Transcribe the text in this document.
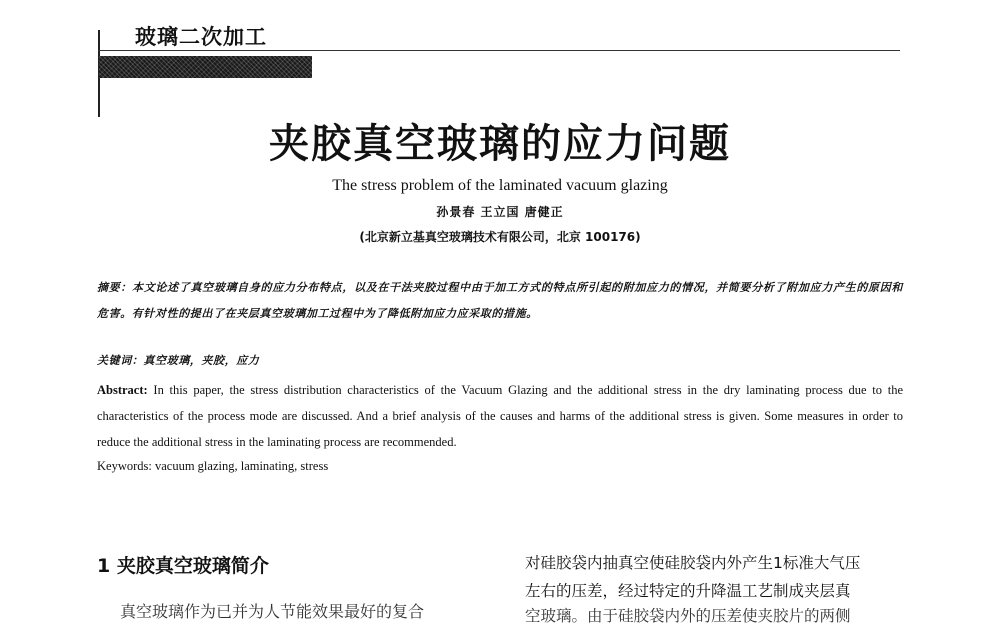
玻璃二次加工
夹胶真空玻璃的应力问题
The stress problem of the laminated vacuum glazing
孙景春 王立国 唐健正
(北京新立基真空玻璃技术有限公司，北京 100176)
摘要：本文论述了真空玻璃自身的应力分布特点，以及在干法夹胶过程中由于加工方式的特点所引起的附加应力的情况，并简要分析了附加应力产生的原因和危害。有针对性的提出了在夹层真空玻璃加工过程中为了降低附加应力应采取的措施。
关键词：真空玻璃，夹胶，应力
Abstract: In this paper, the stress distribution characteristics of the Vacuum Glazing and the additional stress in the dry laminating process due to the characteristics of the process mode are discussed. And a brief analysis of the causes and harms of the additional stress is given. Some measures in order to reduce the additional stress in the laminating process are recommended.
Keywords: vacuum glazing, laminating, stress
1 夹胶真空玻璃简介
真空玻璃作为已并为人节能效果最好的复合
对硅胶袋内抽真空使硅胶袋内外产生1标准大气压
左右的压差，经过特定的升降温工艺制成夹层真
空玻璃。由于硅胶袋内外的压差使夹胶片的两侧
